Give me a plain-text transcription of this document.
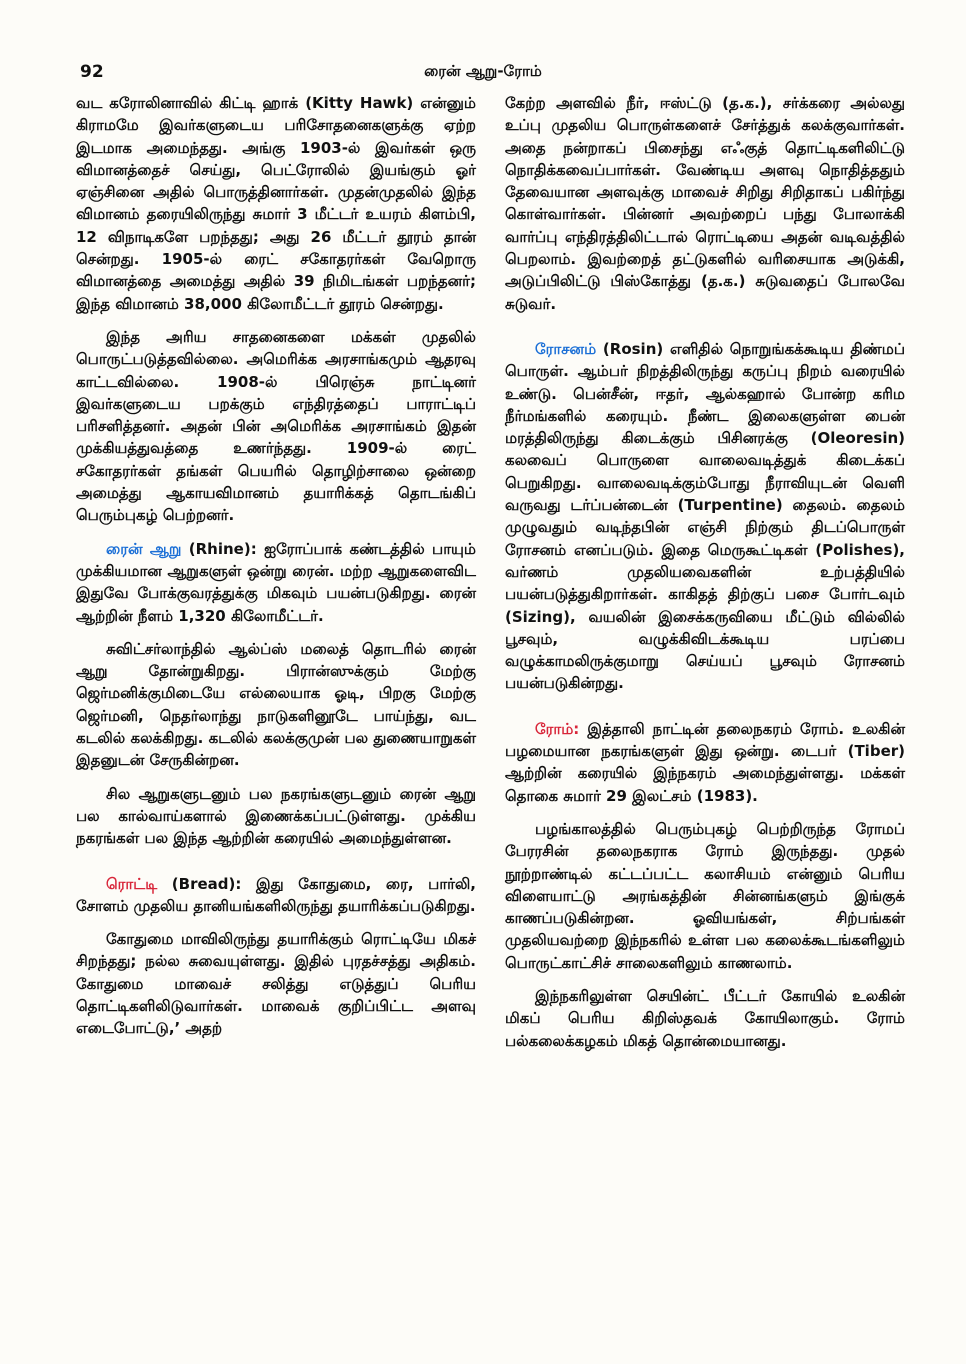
92	ரைன் ஆறு-ரோம்

வட கரோலினாவில் கிட்டி ஹாக் (Kitty Hawk) என்னும் கிராமமே இவர்களுடைய பரிசோதனைகளுக்கு ஏற்ற இடமாக அமைந்தது. அங்கு 1903-ல் இவர்கள் ஒரு விமானத்தைச் செய்து, பெட்ரோலில் இயங்கும் ஓர் ஏஞ்சினை அதில் பொருத்தினார்கள். முதன்முதலில் இந்த விமானம் தரையிலிருந்து சுமார் 3 மீட்டர் உயரம் கிளம்பி, 12 விநாடிகளே பறந்தது; அது 26 மீட்டர் தூரம் தான் சென்றது. 1905-ல் ரைட் சகோதரர்கள் வேறொரு விமானத்தை அமைத்து அதில் 39 நிமிடங்கள் பறந்தனர்; இந்த விமானம் 38,000 கிலோமீட்டர் தூரம் சென்றது.

இந்த அரிய சாதனைகளை மக்கள் முதலில் பொருட்படுத்தவில்லை. அமெரிக்க அரசாங்கமும் ஆதரவு காட்டவில்லை. 1908-ல் பிரெஞ்சு நாட்டினர் இவர்களுடைய பறக்கும் எந்திரத்தைப் பாராட்டிப் பரிசளித்தனர். அதன் பின் அமெரிக்க அரசாங்கம் இதன் முக்கியத்துவத்தை உணர்ந்தது. 1909-ல் ரைட் சகோதரர்கள் தங்கள் பெயரில் தொழிற்சாலை ஒன்றை அமைத்து ஆகாயவிமானம் தயாரிக்கத் தொடங்கிப் பெரும்புகழ் பெற்றனர்.

ரைன் ஆறு (Rhine): ஐரோப்பாக் கண்டத்தில் பாயும் முக்கியமான ஆறுகளுள் ஒன்று ரைன். மற்ற ஆறுகளைவிட இதுவே போக்குவரத்துக்கு மிகவும் பயன்படுகிறது. ரைன் ஆற்றின் நீளம் 1,320 கிலோமீட்டர்.

சுவிட்சர்லாந்தில் ஆல்ப்ஸ் மலைத் தொடரில் ரைன் ஆறு தோன்றுகிறது. பிரான்ஸுக்கும் மேற்கு ஜெர்மனிக்குமிடையே எல்லையாக ஓடி, பிறகு மேற்கு ஜெர்மனி, நெதர்லாந்து நாடுகளினூடே பாய்ந்து, வட கடலில் கலக்கிறது. கடலில் கலக்குமுன் பல துணையாறுகள் இதனுடன் சேருகின்றன.

சில ஆறுகளுடனும் பல நகரங்களுடனும் ரைன் ஆறு பல கால்வாய்களால் இணைக்கப்பட்டுள்ளது. முக்கிய நகரங்கள் பல இந்த ஆற்றின் கரையில் அமைந்துள்ளன.

ரொட்டி (Bread): இது கோதுமை, ரை, பார்லி, சோளம் முதலிய தானியங்களிலிருந்து தயாரிக்கப்படுகிறது.

கோதுமை மாவிலிருந்து தயாரிக்கும் ரொட்டியே மிகச் சிறந்தது; நல்ல சுவையுள்ளது. இதில் புரதச்சத்து அதிகம். கோதுமை மாவைச் சலித்து எடுத்துப் பெரிய தொட்டிகளிலிடுவார்கள். மாவைக் குறிப்பிட்ட அளவு எடைபோட்டு,’ அதற்

கேற்ற அளவில் நீர், ஈஸ்ட்டு (த.க.), சர்க்கரை அல்லது உப்பு முதலிய பொருள்களைச் சேர்த்துக் கலக்குவார்கள். அதை நன்றாகப் பிசைந்து எஃகுத் தொட்டிகளிலிட்டு நொதிக்கவைப்பார்கள். வேண்டிய அளவு நொதித்ததும் தேவையான அளவுக்கு மாவைச் சிறிது சிறிதாகப் பகிர்ந்து கொள்வார்கள். பின்னர் அவற்றைப் பந்து போலாக்கி வார்ப்பு எந்திரத்திலிட்டால் ரொட்டியை அதன் வடிவத்தில் பெறலாம். இவற்றைத் தட்டுகளில் வரிசையாக அடுக்கி, அடுப்பிலிட்டு பிஸ்கோத்து (த.க.) சுடுவதைப் போலவே சுடுவர்.

ரோசனம் (Rosin) எளிதில் நொறுங்கக்கூடிய திண்மப் பொருள். ஆம்பர் நிறத்திலிருந்து கருப்பு நிறம் வரையில் உண்டு. பென்சீன், ஈதர், ஆல்கஹால் போன்ற கரிம நீர்மங்களில் கரையும். நீண்ட இலைகளுள்ள பைன் மரத்திலிருந்து கிடைக்கும் பிசினரக்கு (Oleoresin) கலவைப் பொருளை வாலைவடித்துக் கிடைக்கப் பெறுகிறது. வாலைவடிக்கும்போது நீராவியுடன் வெளி வருவது டர்ப்பன்டைன் (Turpentine) தைலம். தைலம் முழுவதும் வடிந்தபின் எஞ்சி நிற்கும் திடப்பொருள் ரோசனம் எனப்படும். இதை மெருகூட்டிகள் (Polishes), வர்ணம் முதலியவைகளின் உற்பத்தியில் பயன்படுத்துகிறார்கள். காகிதத் திற்குப் பசை போர்டவும் (Sizing), வயலின் இசைக்கருவியை மீட்டும் வில்லில் பூசவும், வழுக்கிவிடக்கூடிய பரப்பை வழுக்காமலிருக்குமாறு செய்யப் பூசவும் ரோசனம் பயன்படுகின்றது.

ரோம்: இத்தாலி நாட்டின் தலைநகரம் ரோம். உலகின் பழமையான நகரங்களுள் இது ஒன்று. டைபர் (Tiber) ஆற்றின் கரையில் இந்நகரம் அமைந்துள்ளது. மக்கள் தொகை சுமார் 29 இலட்சம் (1983).

பழங்காலத்தில் பெரும்புகழ் பெற்றிருந்த ரோமப் பேரரசின் தலைநகராக ரோம் இருந்தது. முதல் நூற்றாண்டில் கட்டப்பட்ட கலாசியம் என்னும் பெரிய விளையாட்டு அரங்கத்தின் சின்னங்களும் இங்குக் காணப்படுகின்றன. ஓவியங்கள், சிற்பங்கள் முதலியவற்றை இந்நகரில் உள்ள பல கலைக்கூடங்களிலும் பொருட்காட்சிச் சாலைகளிலும் காணலாம்.

இந்நகரிலுள்ள செயின்ட் பீட்டர் கோயில் உலகின் மிகப் பெரிய கிறிஸ்தவக் கோயிலாகும். ரோம் பல்கலைக்கழகம் மிகத் தொன்மையானது.
